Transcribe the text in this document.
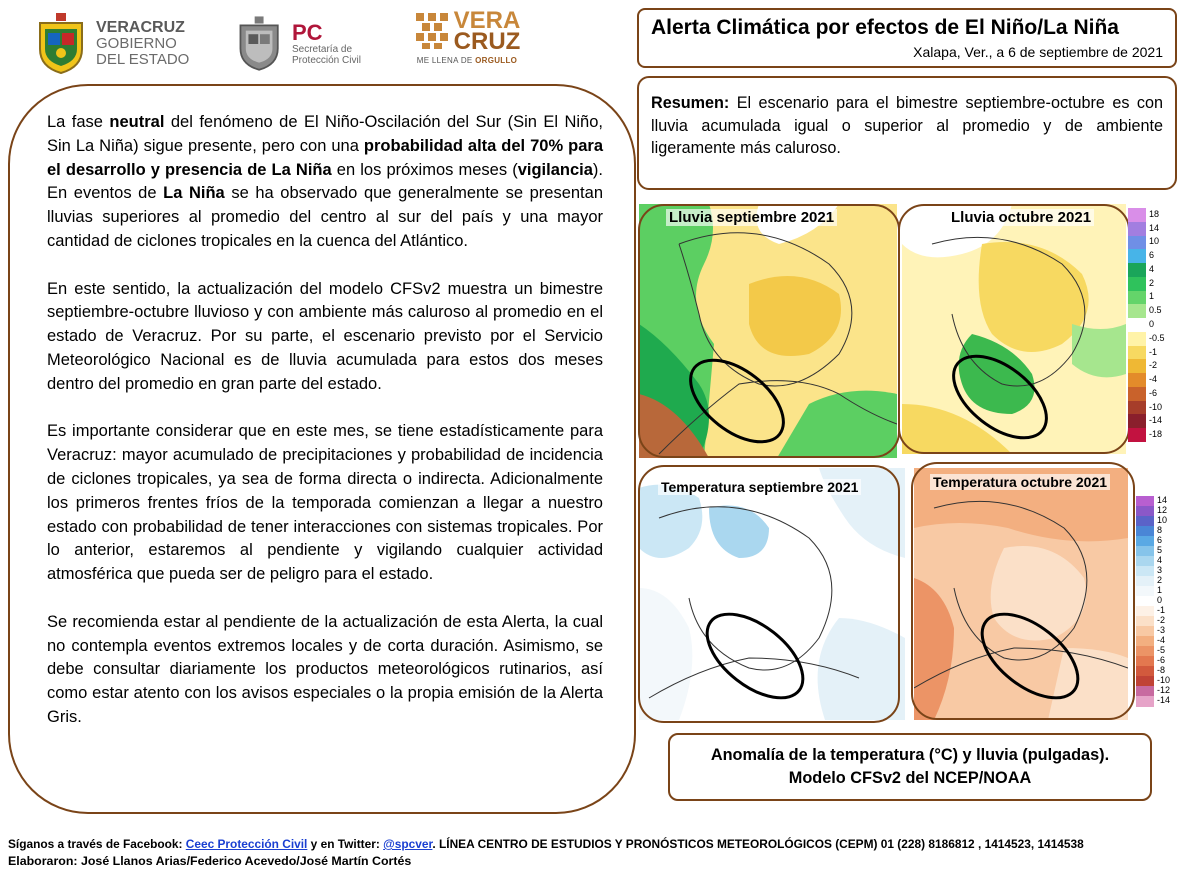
VERACRUZ
GOBIERNO
DEL ESTADO
PC
Secretaría de
Protección Civil
VERA
CRUZ
ME LLENA DE ORGULLO
Alerta Climática por efectos de El Niño/La Niña
Xalapa, Ver., a 6 de septiembre de 2021
Resumen: El escenario para el bimestre septiembre-octubre es con lluvia acumulada igual o superior al promedio y de ambiente ligeramente más caluroso.

La fase neutral del fenómeno de El Niño-Oscilación del Sur (Sin El Niño, Sin La Niña) sigue presente, pero con una probabilidad alta del 70% para el desarrollo y presencia de La Niña en los próximos meses (vigilancia). En eventos de La Niña se ha observado que generalmente se presentan lluvias superiores al promedio del centro al sur del país y una mayor cantidad de ciclones tropicales en la cuenca del Atlántico.

En este sentido, la actualización del modelo CFSv2 muestra un bimestre septiembre-octubre lluvioso y con ambiente más caluroso al promedio en el estado de Veracruz. Por su parte, el escenario previsto por el Servicio Meteorológico Nacional es de lluvia acumulada para estos dos meses dentro del promedio en gran parte del estado.

Es importante considerar que en este mes, se tiene estadísticamente para Veracruz: mayor acumulado de precipitaciones y probabilidad de incidencia de ciclones tropicales, ya sea de forma directa o indirecta. Adicionalmente los primeros frentes fríos de la temporada comienzan a llegar a nuestro estado con probabilidad de tener interacciones con sistemas tropicales. Por lo anterior, estaremos al pendiente y vigilando cualquier actividad atmosférica que pueda ser de peligro para el estado.

Se recomienda estar al pendiente de la actualización de esta Alerta, la cual no contempla eventos extremos locales y de corta duración. Asimismo, se debe consultar diariamente los productos meteorológicos rutinarios, así como estar atento con los avisos especiales o la propia emisión de la Alerta Gris.

Lluvia septiembre 2021	Lluvia octubre 2021	18
14
10
6
4
2
1
0.5
0
-0.5
-1
-2
-4
-6
-10
-14
-18
Temperatura septiembre 2021	Temperatura octubre 2021
14
12
10
8
6
5
4
3
2
1
0
-1
-2
-3
-4
-5
-6
-8
-10
-12
-14
Anomalía de la temperatura (°C) y lluvia (pulgadas).
Modelo CFSv2 del NCEP/NOAA
Síganos a través de Facebook: Ceec Protección Civil y en Twitter: @spcver. LÍNEA CENTRO DE ESTUDIOS Y PRONÓSTICOS METEOROLÓGICOS (CEPM) 01 (228) 8186812 , 1414523, 1414538
Elaboraron: José Llanos Arias/Federico Acevedo/José Martín Cortés
